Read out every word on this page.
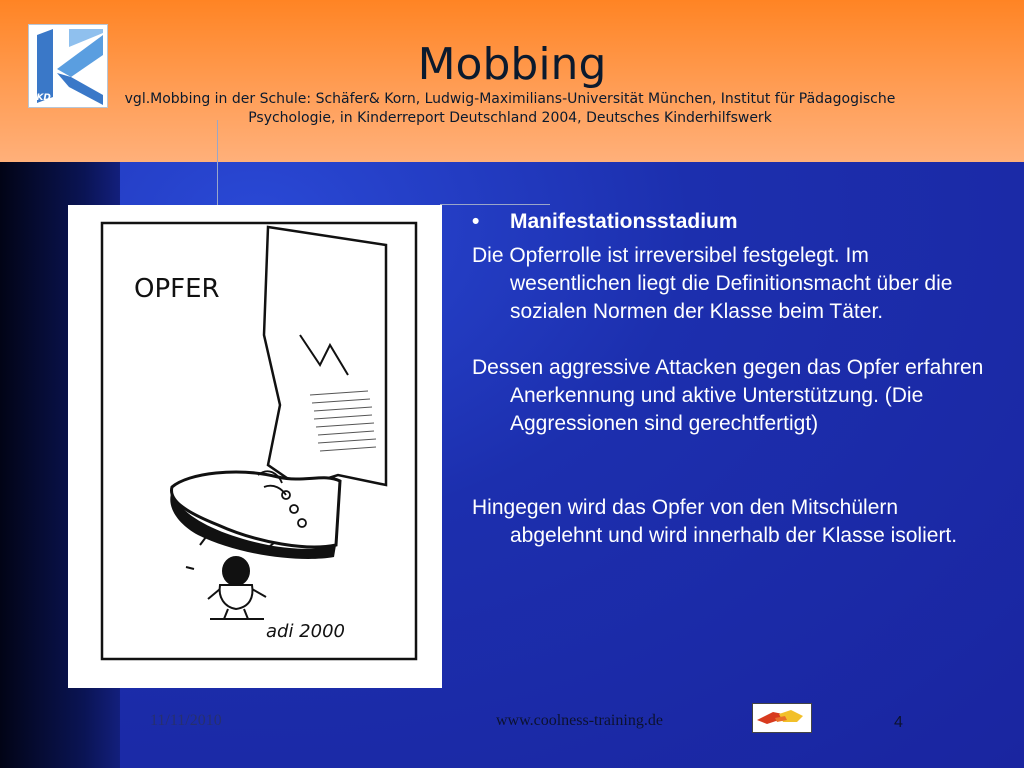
IKD
Mobbing
vgl.Mobbing in der Schule: Schäfer& Korn, Ludwig-Maximilians-Universität München, Institut für Pädagogische Psychologie, in Kinderreport Deutschland 2004, Deutsches Kinderhilfswerk
OPFER
adi 2000
• Manifestationsstadium

Die Opferrolle ist irreversibel festgelegt. Im wesentlichen liegt die Definitionsmacht über die sozialen Normen der Klasse beim Täter.

Dessen aggressive Attacken gegen das Opfer erfahren Anerkennung und aktive Unterstützung. (Die Aggressionen sind gerechtfertigt)

Hingegen wird das Opfer von den Mitschülern abgelehnt und wird innerhalb der Klasse isoliert.

11/11/2010	www.coolness-training.de	4
